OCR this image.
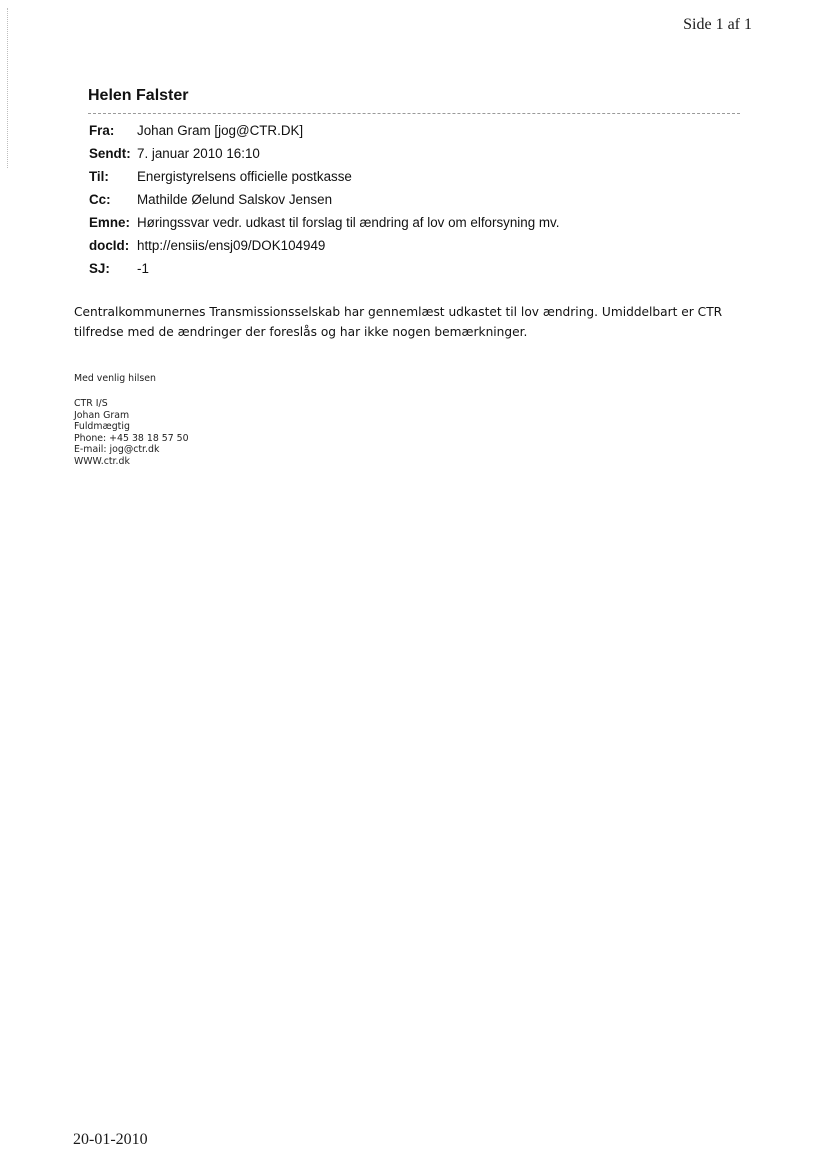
Side 1 af 1
Helen Falster
Fra:	Johan Gram [jog@CTR.DK]
Sendt:	7. januar 2010 16:10
Til:	Energistyrelsens officielle postkasse
Cc:	Mathilde Øelund Salskov Jensen
Emne:	Høringssvar vedr. udkast til forslag til ændring af lov om elforsyning mv.
docId:	http://ensiis/ensj09/DOK104949
SJ:	-1
Centralkommunernes Transmissionsselskab har gennemlæst udkastet til lov ændring. Umiddelbart er CTR
tilfredse med de ændringer der foreslås og har ikke nogen bemærkninger.
Med venlig hilsen
CTR I/S
Johan Gram
Fuldmægtig
Phone: +45 38 18 57 50
E-mail: jog@ctr.dk
WWW.ctr.dk
20-01-2010
